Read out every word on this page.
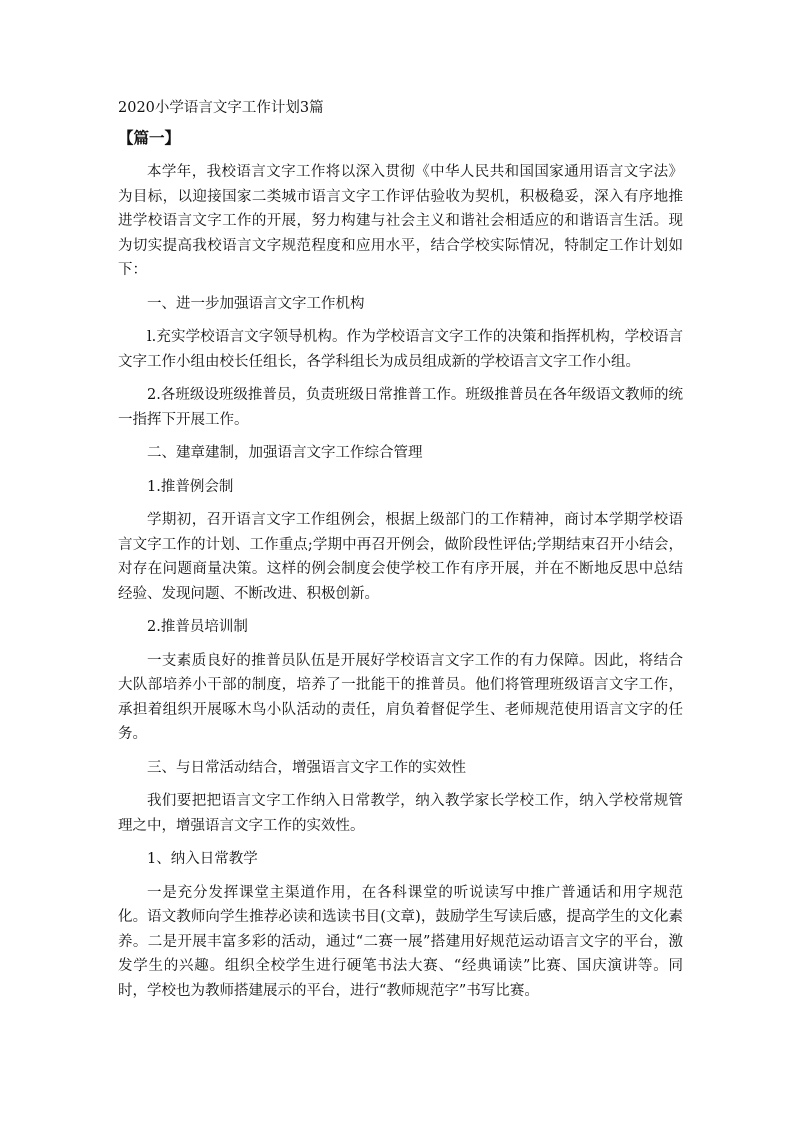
2020小学语言文字工作计划3篇
【篇一】

本学年，我校语言文字工作将以深入贯彻《中华人民共和国国家通用语言文字法》为目标，以迎接国家二类城市语言文字工作评估验收为契机，积极稳妥，深入有序地推进学校语言文字工作的开展，努力构建与社会主义和谐社会相适应的和谐语言生活。现为切实提高我校语言文字规范程度和应用水平，结合学校实际情况，特制定工作计划如下：

一、进一步加强语言文字工作机构

l.充实学校语言文字领导机构。作为学校语言文字工作的决策和指挥机构，学校语言文字工作小组由校长任组长，各学科组长为成员组成新的学校语言文字工作小组。

2.各班级设班级推普员，负责班级日常推普工作。班级推普员在各年级语文教师的统一指挥下开展工作。

二、建章建制，加强语言文字工作综合管理

1.推普例会制

学期初，召开语言文字工作组例会，根据上级部门的工作精神，商讨本学期学校语言文字工作的计划、工作重点;学期中再召开例会，做阶段性评估;学期结束召开小结会，对存在问题商量决策。这样的例会制度会使学校工作有序开展，并在不断地反思中总结经验、发现问题、不断改进、积极创新。

2.推普员培训制

一支素质良好的推普员队伍是开展好学校语言文字工作的有力保障。因此，将结合大队部培养小干部的制度，培养了一批能干的推普员。他们将管理班级语言文字工作，承担着组织开展啄木鸟小队活动的责任，肩负着督促学生、老师规范使用语言文字的任务。

三、与日常活动结合，增强语言文字工作的实效性

我们要把把语言文字工作纳入日常教学，纳入教学家长学校工作，纳入学校常规管理之中，增强语言文字工作的实效性。

1、纳入日常教学

一是充分发挥课堂主渠道作用，在各科课堂的听说读写中推广普通话和用字规范化。语文教师向学生推荐必读和选读书目(文章)，鼓励学生写读后感，提高学生的文化素养。二是开展丰富多彩的活动，通过“二赛一展”搭建用好规范运动语言文字的平台，激发学生的兴趣。组织全校学生进行硬笔书法大赛、“经典诵读”比赛、国庆演讲等。同时，学校也为教师搭建展示的平台，进行“教师规范字”书写比赛。
